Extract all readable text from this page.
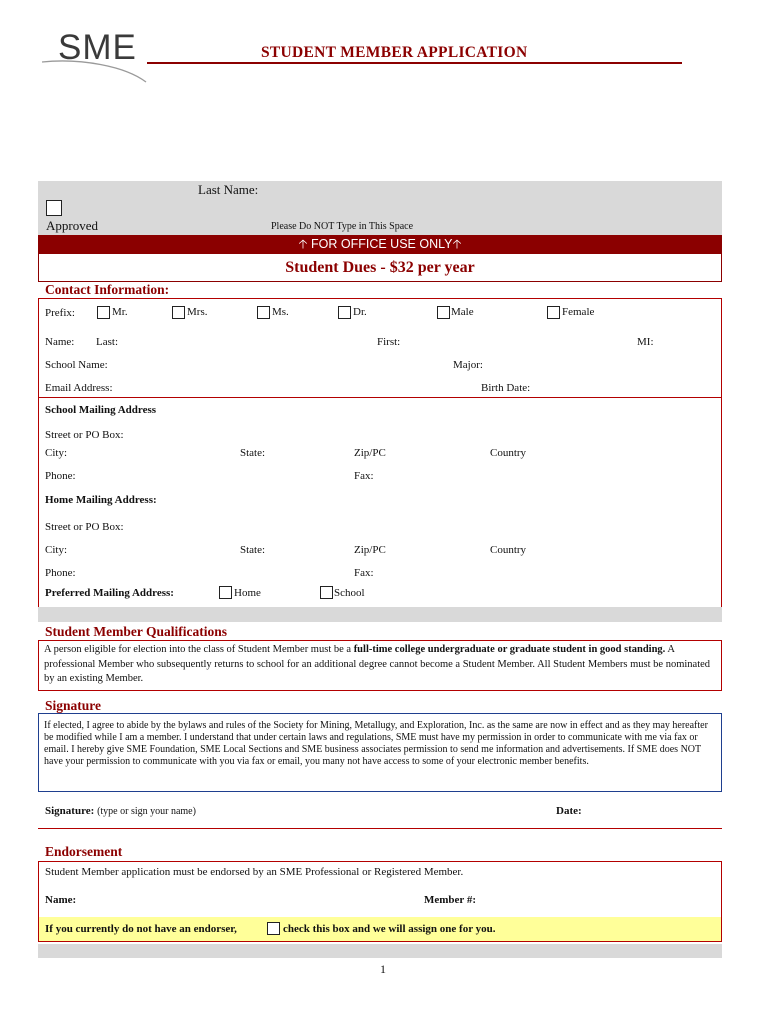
SME	STUDENT MEMBER APPLICATION
Last Name:
Approved	Please Do NOT Type in This Space
🡡 FOR OFFICE USE ONLY🡡
Student Dues - $32 per year
Contact Information:
Prefix:	Mr.	Mrs.	Ms.	Dr.	Male	Female
Name: Last:	First:	MI:
School Name:	Major:
Email Address:	Birth Date:
School Mailing Address
Street or PO Box:
City:	State:	Zip/PC	Country
Phone:	Fax:
Home Mailing Address:
Street or PO Box:
City:	State:	Zip/PC	Country
Phone:	Fax:
Preferred Mailing Address:	Home	School
Student Member Qualifications
A person eligible for election into the class of Student Member must be a full-time college undergraduate or graduate student in good standing. A professional Member who subsequently returns to school for an additional degree cannot become a Student Member. All Student Members must be nominated by an existing Member.
Signature
If elected, I agree to abide by the bylaws and rules of the Society for Mining, Metallugy, and Exploration, Inc. as the same are now in effect and as they may hereafter be modified while I am a member. I understand that under certain laws and regulations, SME must have my permission in order to communicate with me via fax or email. I hereby give SME Foundation, SME Local Sections and SME business associates permission to send me information and advertisements. If SME does NOT have your permission to communicate with you via fax or email, you many not have access to some of your electronic member benefits.
Signature: (type or sign your name)	Date:
Endorsement
Student Member application must be endorsed by an SME Professional or Registered Member.
Name:	Member #:
If you currently do not have an endorser,	check this box and we will assign one for you.
1
